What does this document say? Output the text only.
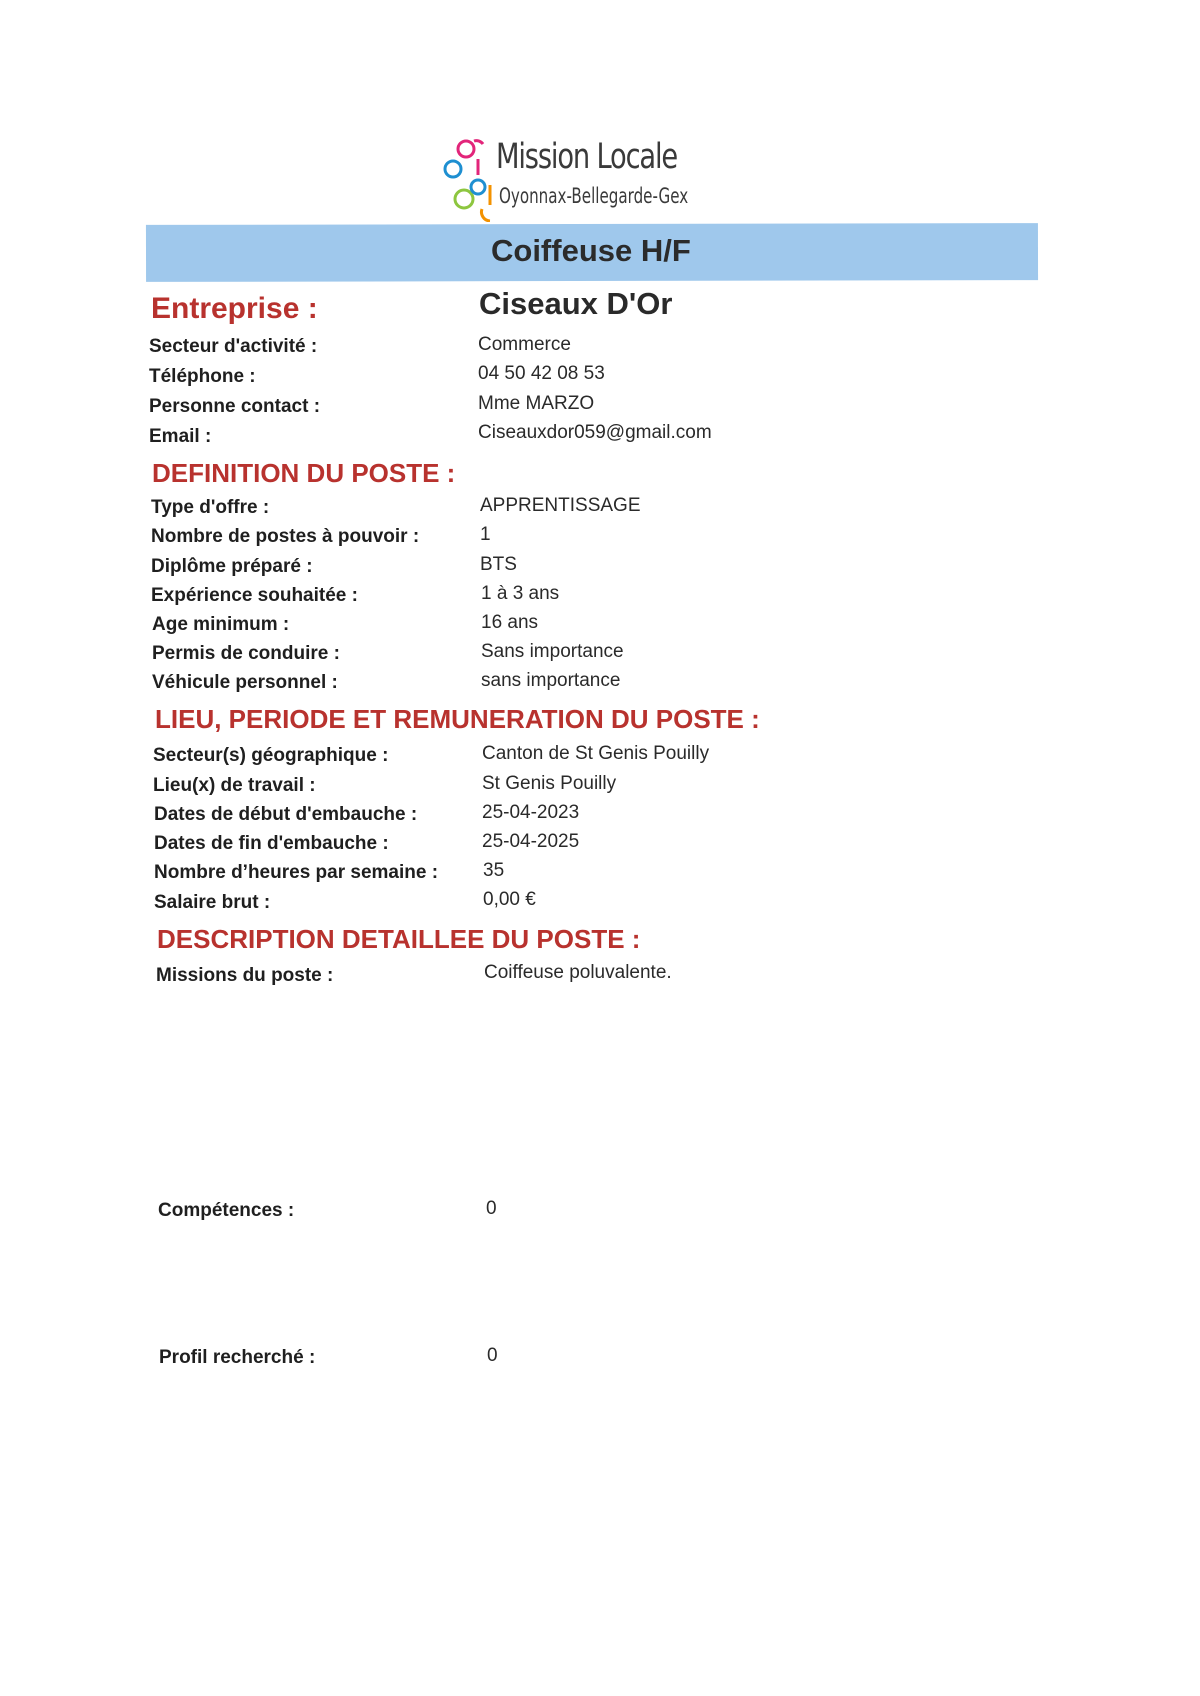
Mission Locale
Oyonnax-Bellegarde-Gex
Coiffeuse H/F
Entreprise :	Ciseaux D'Or
Secteur d'activité :	Commerce
Téléphone :	04 50 42 08 53
Personne contact :	Mme MARZO
Email :	Ciseauxdor059@gmail.com
DEFINITION DU POSTE :
Type d'offre :	APPRENTISSAGE
Nombre de postes à pouvoir :	1
Diplôme préparé :	BTS
Expérience souhaitée :	1 à 3 ans
Age minimum :	16 ans
Permis de conduire :	Sans importance
Véhicule personnel :	sans importance
LIEU, PERIODE ET REMUNERATION DU POSTE :
Secteur(s) géographique :	Canton de St Genis Pouilly
Lieu(x) de travail :	St Genis Pouilly
Dates de début d'embauche :	25-04-2023
Dates de fin d'embauche :	25-04-2025
Nombre d’heures par semaine : 35
Salaire brut :	0,00 €
DESCRIPTION DETAILLEE DU POSTE :
Missions du poste :	Coiffeuse poluvalente.
Compétences :	0
Profil recherché :	0
